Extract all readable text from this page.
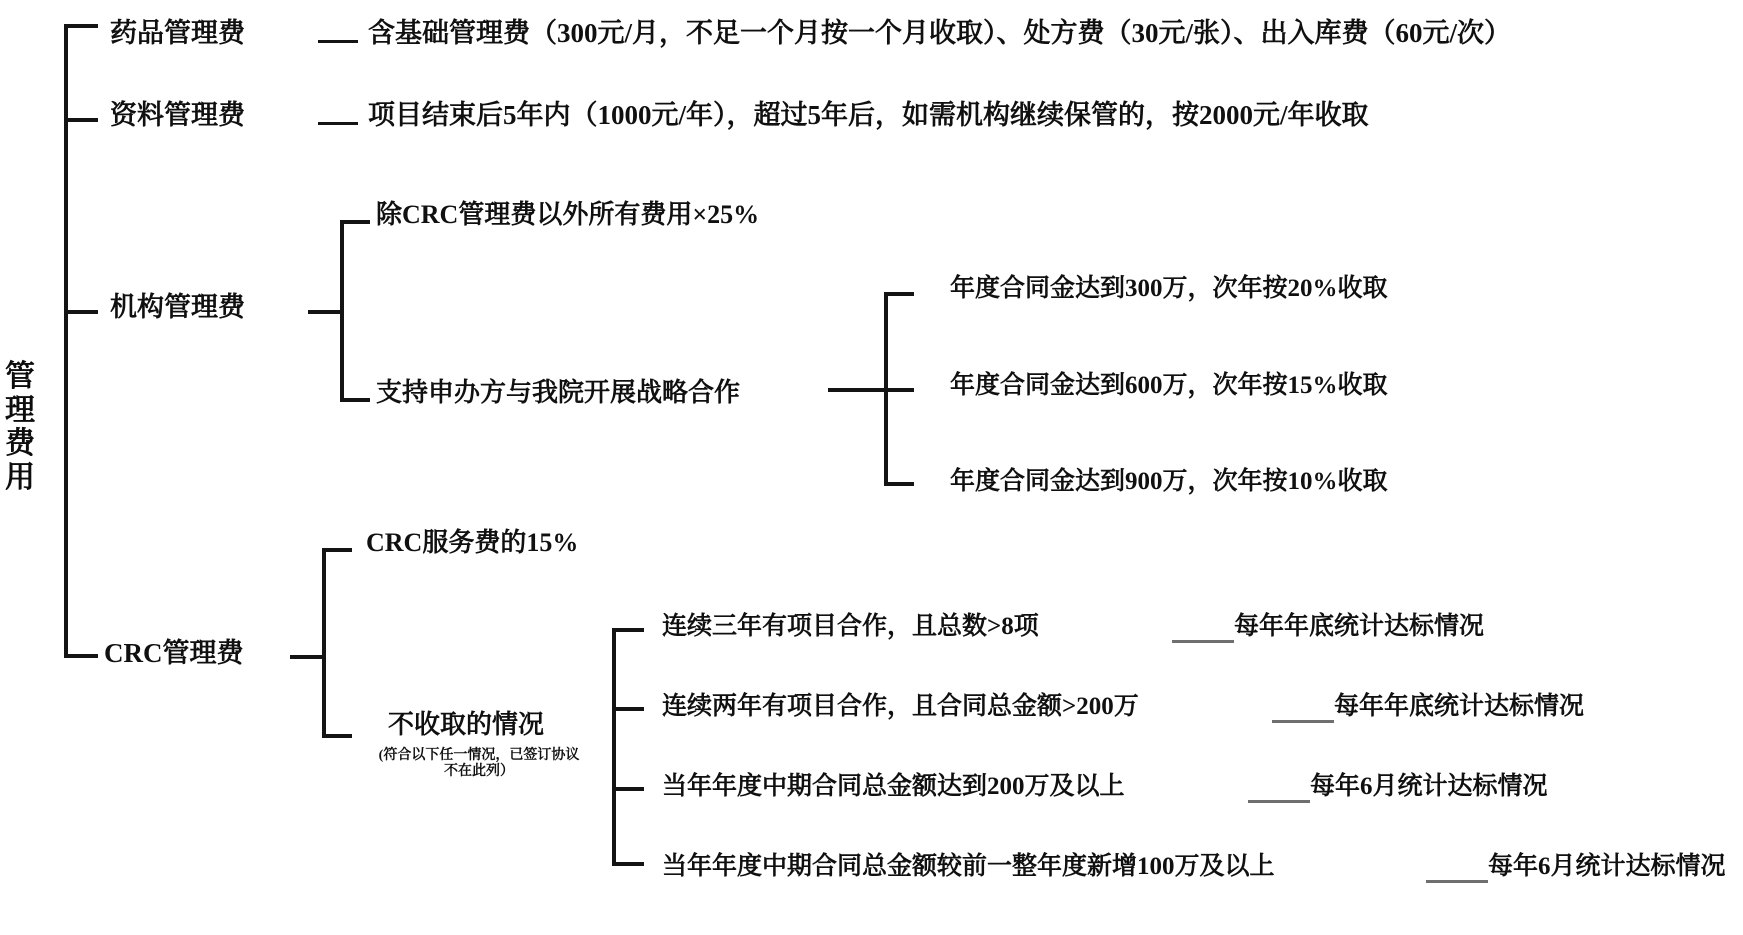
管理费用
药品管理费
资料管理费
机构管理费
CRC管理费
含基础管理费（300元/月，不足一个月按一个月收取）、处方费（30元/张）、出入库费（60元/次）
项目结束后5年内（1000元/年），超过5年后，如需机构继续保管的，按2000元/年收取
除CRC管理费以外所有费用×25%
支持申办方与我院开展战略合作
年度合同金达到300万，次年按20%收取
年度合同金达到600万，次年按15%收取
年度合同金达到900万，次年按10%收取
CRC服务费的15%
不收取的情况
(符合以下任一情况，已签订协议不在此列）
连续三年有项目合作，且总数>8项	每年年底统计达标情况
连续两年有项目合作，且合同总金额>200万	每年年底统计达标情况
当年年度中期合同总金额达到200万及以上	每年6月统计达标情况
当年年度中期合同总金额较前一整年度新增100万及以上	每年6月统计达标情况
